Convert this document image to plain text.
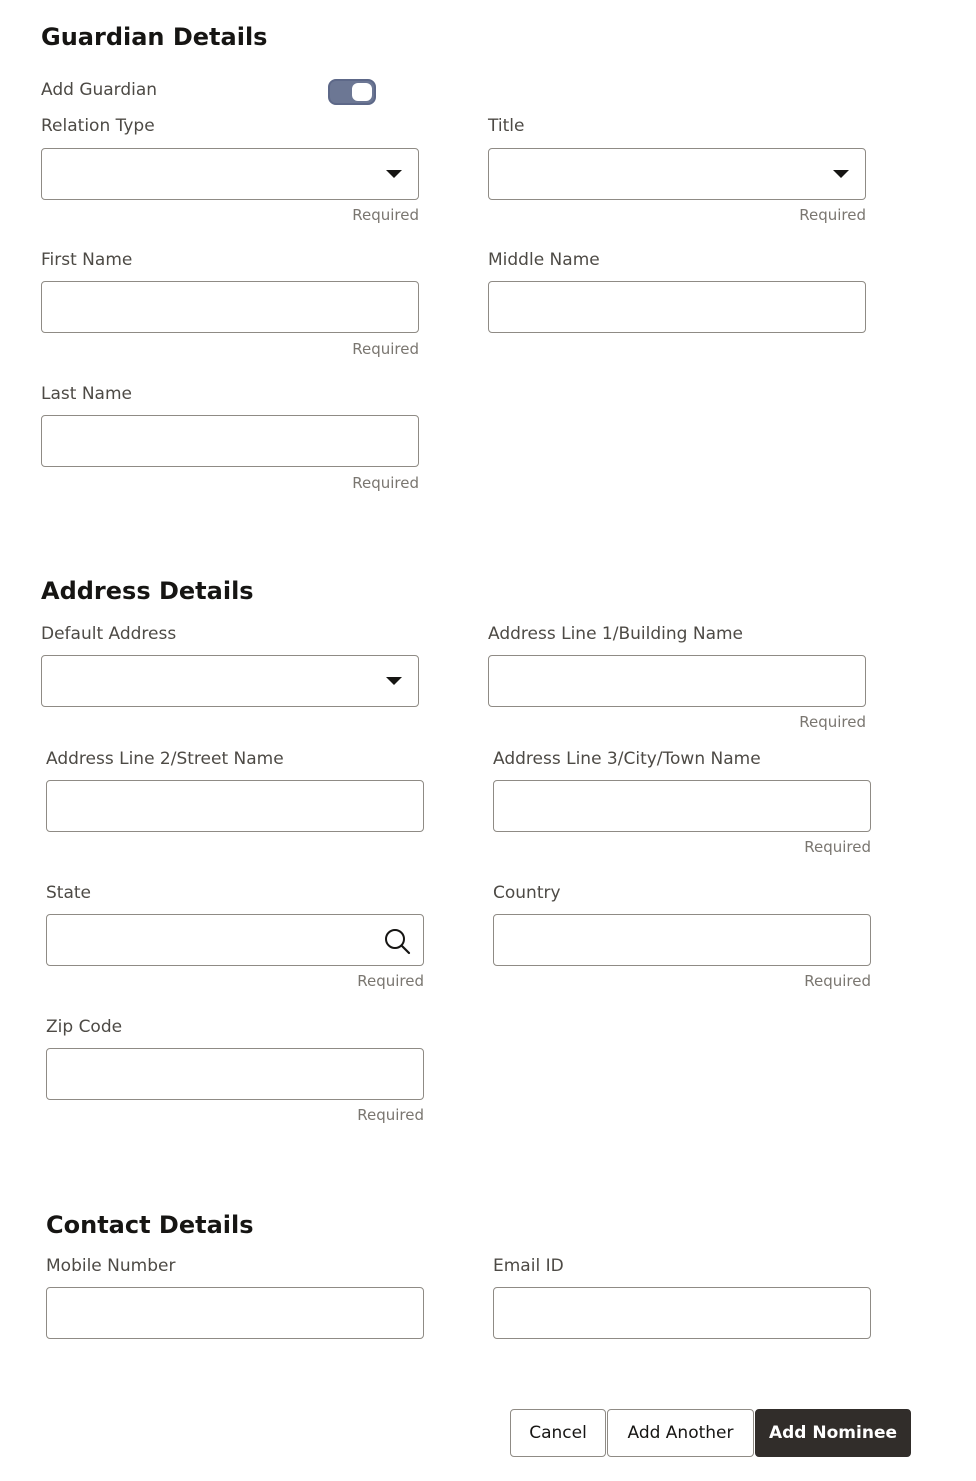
Guardian Details
Add Guardian
Relation Type
Required
Title
Required
First Name
Required
Middle Name
Last Name
Required
Address Details
Default Address	Address Line 1/Building Name
Required
Address Line 2/Street Name	Address Line 3/City/Town Name
Required
State
Required
Country
Required
Zip Code
Required
Contact Details
Mobile Number	Email ID
Cancel	Add Another	Add Nominee
